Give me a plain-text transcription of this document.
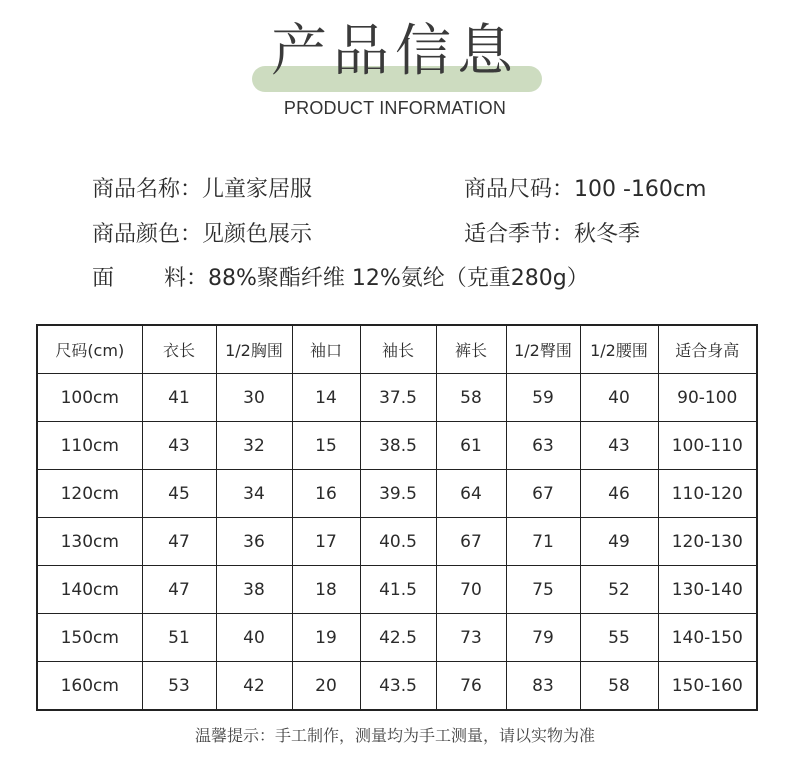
产品信息
PRODUCT INFORMATION
商品名称：儿童家居服	商品尺码：100 -160cm
商品颜色：见颜色展示	适合季节：秋冬季
面 料：88%聚酯纤维 12%氨纶（克重280g）
尺码(cm)	衣长	1/2胸围	袖口	袖长	裤长	1/2臀围	1/2腰围	适合身高
100cm	41	30	14	37.5	58	59	40	90-100
110cm	43	32	15	38.5	61	63	43	100-110
120cm	45	34	16	39.5	64	67	46	110-120
130cm	47	36	17	40.5	67	71	49	120-130
140cm	47	38	18	41.5	70	75	52	130-140
150cm	51	40	19	42.5	73	79	55	140-150
160cm	53	42	20	43.5	76	83	58	150-160
温馨提示：手工制作，测量均为手工测量，请以实物为准
